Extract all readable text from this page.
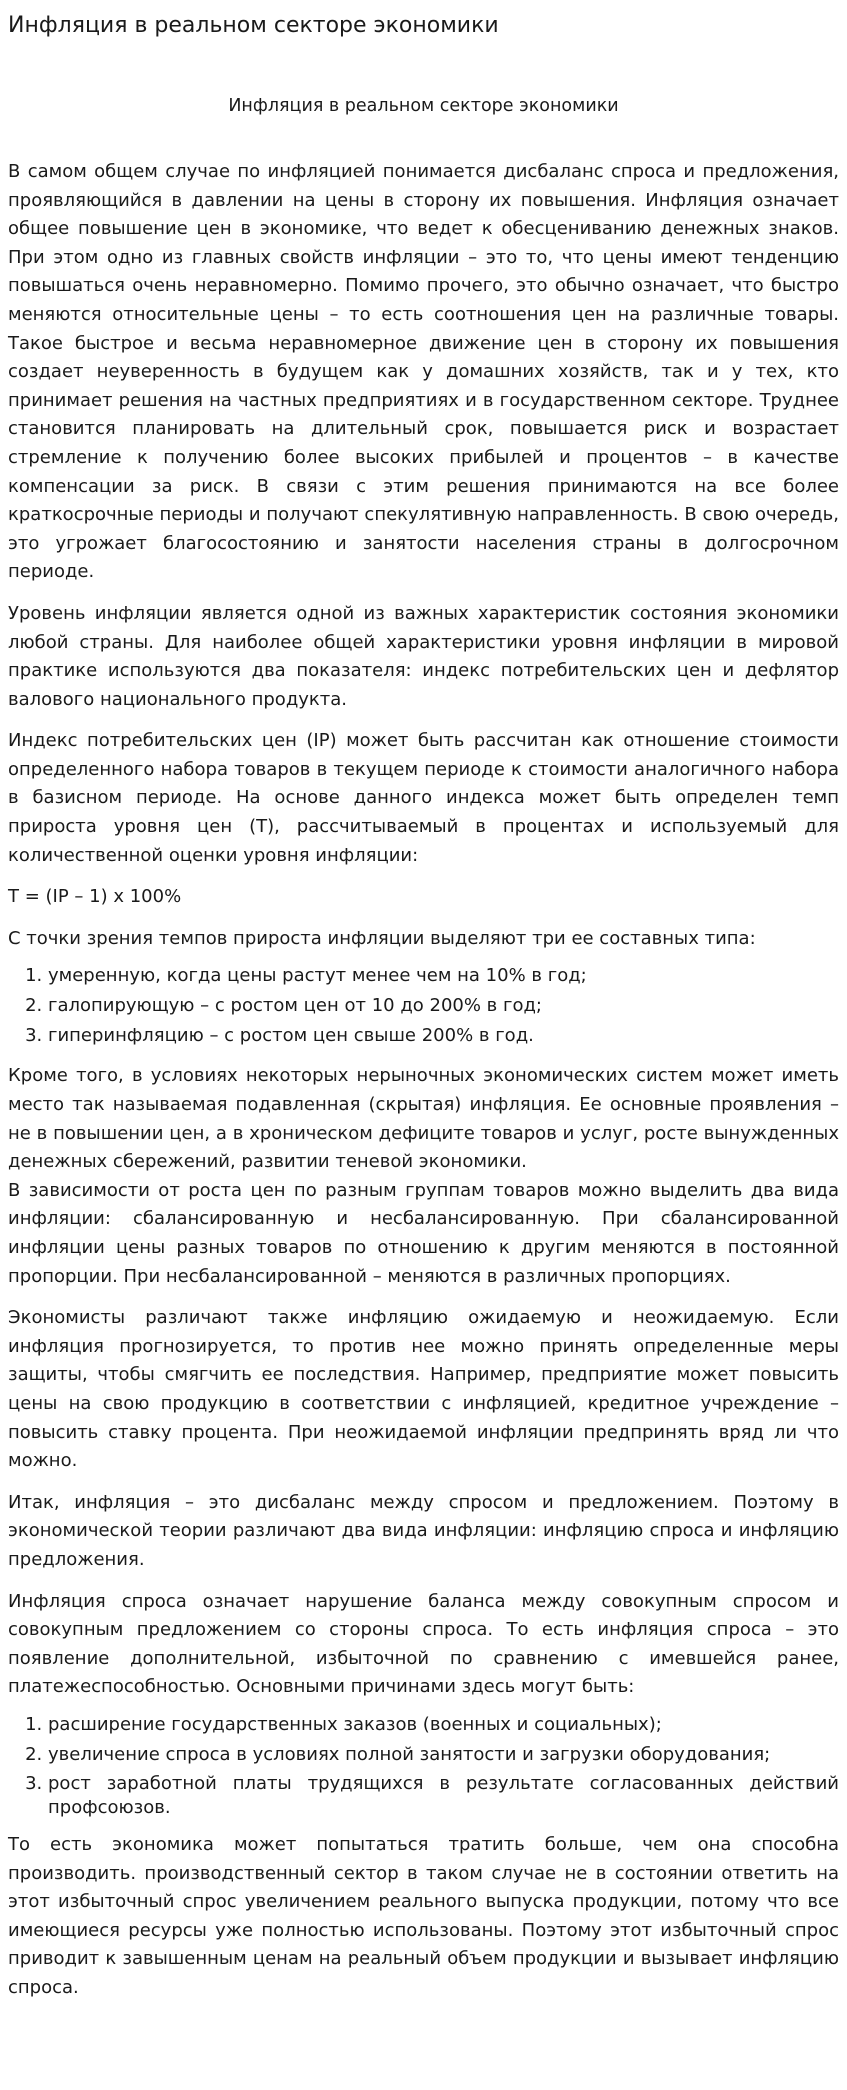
Инфляция в реальном секторе экономики
Инфляция в реальном секторе экономики

В самом общем случае по инфляцией понимается дисбаланс спроса и предложения, проявляющийся в давлении на цены в сторону их повышения. Инфляция означает общее повышение цен в экономике, что ведет к обесцениванию денежных знаков. При этом одно из главных свойств инфляции – это то, что цены имеют тенденцию повышаться очень неравномерно. Помимо прочего, это обычно означает, что быстро меняются относительные цены – то есть соотношения цен на различные товары. Такое быстрое и весьма неравномерное движение цен в сторону их повышения создает неуверенность в будущем как у домашних хозяйств, так и у тех, кто принимает решения на частных предприятиях и в государственном секторе. Труднее становится планировать на длительный срок, повышается риск и возрастает стремление к получению более высоких прибылей и процентов – в качестве компенсации за риск. В связи с этим решения принимаются на все более краткосрочные периоды и получают спекулятивную направленность. В свою очередь, это угрожает благосостоянию и занятости населения страны в долгосрочном периоде.

Уровень инфляции является одной из важных характеристик состояния экономики любой страны. Для наиболее общей характеристики уровня инфляции в мировой практике используются два показателя: индекс потребительских цен и дефлятор валового национального продукта.

Индекс потребительских цен (IP) может быть рассчитан как отношение стоимости определенного набора товаров в текущем периоде к стоимости аналогичного набора в базисном периоде. На основе данного индекса может быть определен темп прироста уровня цен (T), рассчитываемый в процентах и используемый для количественной оценки уровня инфляции:

T = (IP – 1) х 100%

С точки зрения темпов прироста инфляции выделяют три ее составных типа:

1. умеренную, когда цены растут менее чем на 10% в год;
2. галопирующую – с ростом цен от 10 до 200% в год;
3. гиперинфляцию – с ростом цен свыше 200% в год.

Кроме того, в условиях некоторых нерыночных экономических систем может иметь место так называемая подавленная (скрытая) инфляция. Ее основные проявления – не в повышении цен, а в хроническом дефиците товаров и услуг, росте вынужденных денежных сбережений, развитии теневой экономики.

В зависимости от роста цен по разным группам товаров можно выделить два вида инфляции: сбалансированную и несбалансированную. При сбалансированной инфляции цены разных товаров по отношению к другим меняются в постоянной пропорции. При несбалансированной – меняются в различных пропорциях.

Экономисты различают также инфляцию ожидаемую и неожидаемую. Если инфляция прогнозируется, то против нее можно принять определенные меры защиты, чтобы смягчить ее последствия. Например, предприятие может повысить цены на свою продукцию в соответствии с инфляцией, кредитное учреждение – повысить ставку процента. При неожидаемой инфляции предпринять вряд ли что можно.

Итак, инфляция – это дисбаланс между спросом и предложением. Поэтому в экономической теории различают два вида инфляции: инфляцию спроса и инфляцию предложения.

Инфляция спроса означает нарушение баланса между совокупным спросом и совокупным предложением со стороны спроса. То есть инфляция спроса – это появление дополнительной, избыточной по сравнению с имевшейся ранее, платежеспособностью. Основными причинами здесь могут быть:

1. расширение государственных заказов (военных и социальных);
2. увеличение спроса в условиях полной занятости и загрузки оборудования;
3. рост заработной платы трудящихся в результате согласованных действий профсоюзов.

То есть экономика может попытаться тратить больше, чем она способна производить. производственный сектор в таком случае не в состоянии ответить на этот избыточный спрос увеличением реального выпуска продукции, потому что все имеющиеся ресурсы уже полностью использованы. Поэтому этот избыточный спрос приводит к завышенным ценам на реальный объем продукции и вызывает инфляцию спроса.
